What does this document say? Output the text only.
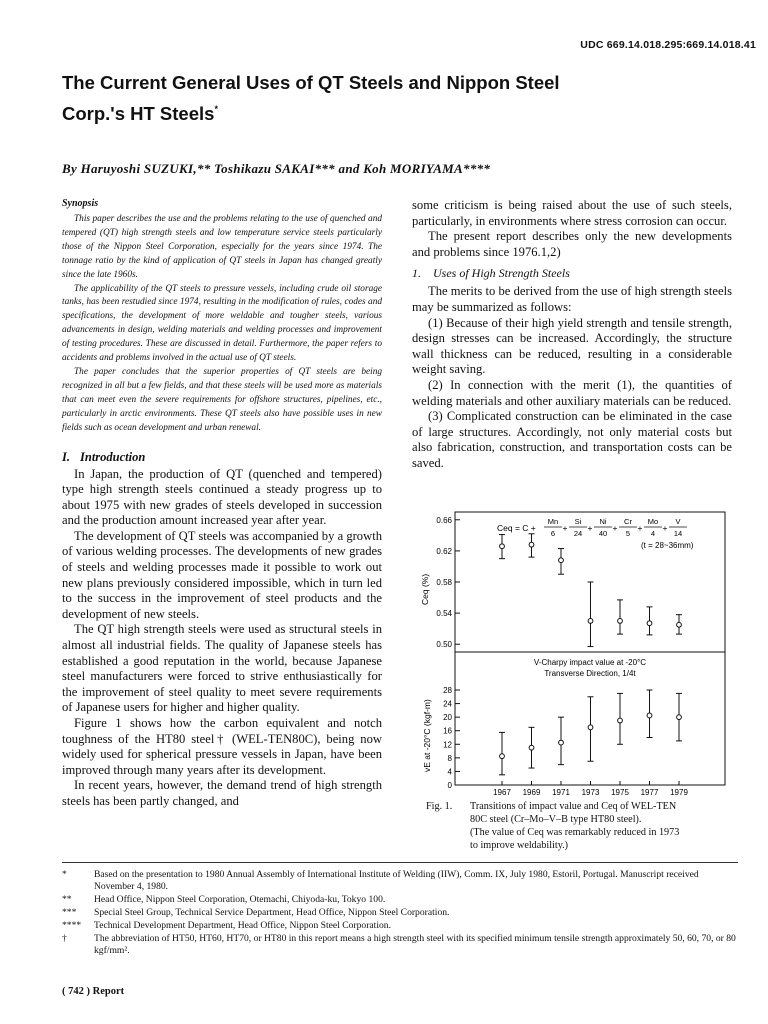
UDC 669.14.018.295:669.14.018.41
The Current General Uses of QT Steels and Nippon Steel Corp.'s HT Steels*
By Haruyoshi SUZUKI,** Toshikazu SAKAI*** and Koh MORIYAMA****
Synopsis

This paper describes the use and the problems relating to the use of quenched and tempered (QT) high strength steels and low temperature service steels particularly those of the Nippon Steel Corporation, especially for the years since 1974. The tonnage ratio by the kind of application of QT steels in Japan has changed greatly since the late 1960s.

The applicability of the QT steels to pressure vessels, including crude oil storage tanks, has been restudied since 1974, resulting in the modification of rules, codes and specifications, the development of more weldable and tougher steels, various advancements in design, welding materials and welding processes and improvement of testing procedures. These are discussed in detail. Furthermore, the paper refers to accidents and problems involved in the actual use of QT steels.

The paper concludes that the superior properties of QT steels are being recognized in all but a few fields, and that these steels will be used more as materials that can meet even the severe requirements for offshore structures, pipelines, etc., particularly in arctic environments. These QT steels also have possible uses in new fields such as ocean development and urban renewal.

I. Introduction

In Japan, the production of QT (quenched and tempered) type high strength steels continued a steady progress up to about 1975 with new grades of steels developed in succession and the production amount increased year after year.

The development of QT steels was accompanied by a growth of various welding processes. The developments of new grades of steels and welding processes made it possible to work out new plans previously considered impossible, which in turn led to the success in the improvement of steel products and the development of new steels.

The QT high strength steels were used as structural steels in almost all industrial fields. The quality of Japanese steels has established a good reputation in the world, because Japanese steel manufacturers were forced to strive enthusiastically for the improvement of steel quality to meet severe requirements of Japanese users for higher and higher quality.

Figure 1 shows how the carbon equivalent and notch toughness of the HT80 steel† (WEL-TEN80C), being now widely used for spherical pressure vessels in Japan, have been improved through many years after its development.

In recent years, however, the demand trend of high strength steels has been partly changed, and

some criticism is being raised about the use of such steels, particularly, in environments where stress corrosion can occur.

The present report describes only the new developments and problems since 1976.1,2)

1. Uses of High Strength Steels

The merits to be derived from the use of high strength steels may be summarized as follows:

(1) Because of their high yield strength and tensile strength, design stresses can be increased. Accordingly, the structure wall thickness can be reduced, resulting in a considerable weight saving.

(2) In connection with the merit (1), the quantities of welding materials and other auxiliary materials can be reduced.

(3) Complicated construction can be eliminated in the case of large structures. Accordingly, not only material costs but also fabrication, construction, and transportation costs can be saved.

Ceq = C +
Mn
6
+
Si
24
+
Ni
40
+
Cr
5
+
Mo
4
+
V
14
(t = 28~36mm)
Ceq (%)
V-Charpy impact value at -20°C
Transverse Direction, 1/4t
vE at -20°C (kgf-m)
0.50
0.54
0.58
0.62
0.66
0
4
8
12
16
20
24
28
1967 1969 1971 1973 1975 1977 1979
Fig. 1. Transitions of impact value and Ceq of WEL-TEN
80C steel (Cr–Mo–V–B type HT80 steel).
(The value of Ceq was remarkably reduced in 1973
to improve weldability.)
*	Based on the presentation to 1980 Annual Assembly of International Institute of Welding (IIW), Comm. IX, July 1980, Estoril, Portugal. Manuscript received November 4, 1980.
**	Head Office, Nippon Steel Corporation, Otemachi, Chiyoda-ku, Tokyo 100.
***	Special Steel Group, Technical Service Department, Head Office, Nippon Steel Corporation.
****	Technical Development Department, Head Office, Nippon Steel Corporation.
†	The abbreviation of HT50, HT60, HT70, or HT80 in this report means a high strength steel with its specified minimum tensile strength approximately 50, 60, 70, or 80 kgf/mm².
( 742 ) Report
